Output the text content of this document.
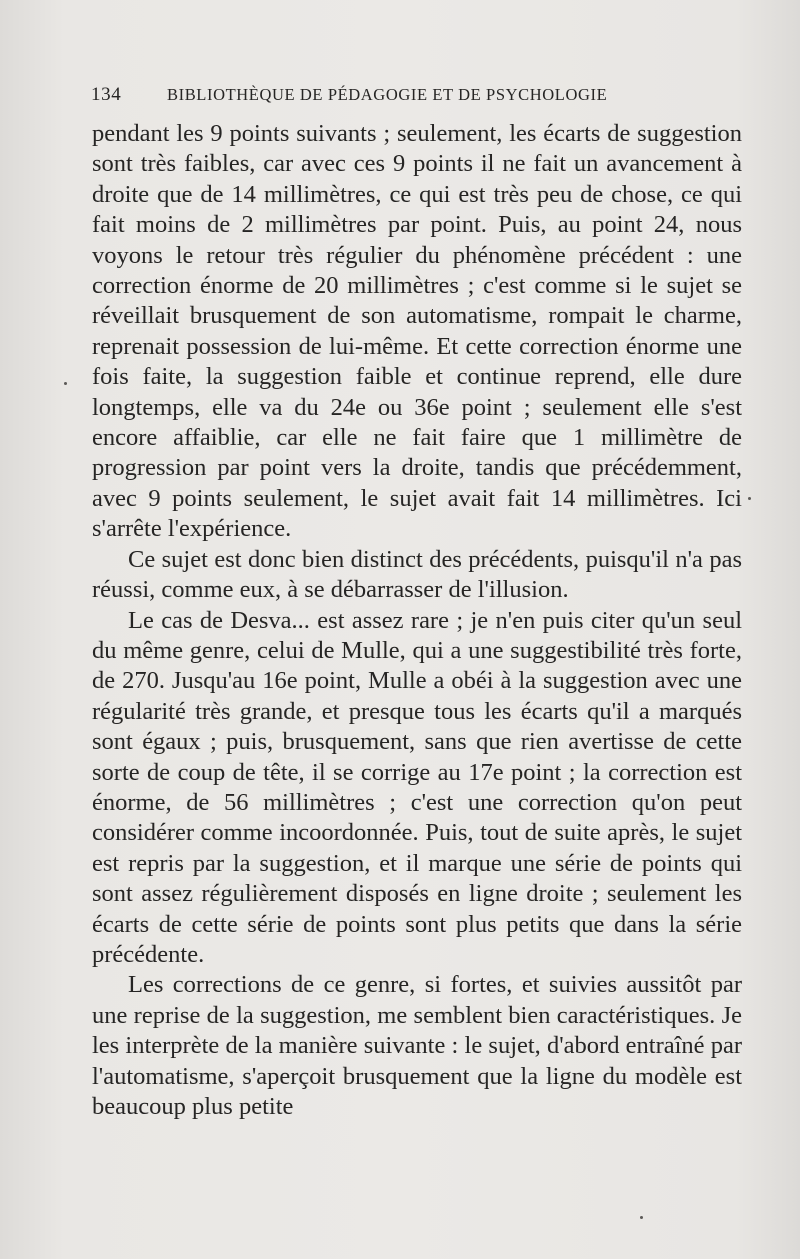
134	BIBLIOTHÈQUE DE PÉDAGOGIE ET DE PSYCHOLOGIE

pendant les 9 points suivants ; seulement, les écarts de suggestion sont très faibles, car avec ces 9 points il ne fait un avancement à droite que de 14 millimètres, ce qui est très peu de chose, ce qui fait moins de 2 millimètres par point. Puis, au point 24, nous voyons le retour très régulier du phénomène précédent : une correction énorme de 20 millimètres ; c'est comme si le sujet se réveillait brusquement de son automatisme, rompait le charme, reprenait possession de lui-même. Et cette correction énorme une fois faite, la suggestion faible et continue reprend, elle dure longtemps, elle va du 24e ou 36e point ; seulement elle s'est encore affaiblie, car elle ne fait faire que 1 millimètre de progression par point vers la droite, tandis que précédemment, avec 9 points seulement, le sujet avait fait 14 millimètres. Ici s'arrête l'expérience.

Ce sujet est donc bien distinct des précédents, puisqu'il n'a pas réussi, comme eux, à se débarrasser de l'illusion.

Le cas de Desva... est assez rare ; je n'en puis citer qu'un seul du même genre, celui de Mulle, qui a une suggestibilité très forte, de 270. Jusqu'au 16e point, Mulle a obéi à la suggestion avec une régularité très grande, et presque tous les écarts qu'il a marqués sont égaux ; puis, brusquement, sans que rien avertisse de cette sorte de coup de tête, il se corrige au 17e point ; la correction est énorme, de 56 millimètres ; c'est une correction qu'on peut considérer comme incoordonnée. Puis, tout de suite après, le sujet est repris par la suggestion, et il marque une série de points qui sont assez régulièrement disposés en ligne droite ; seulement les écarts de cette série de points sont plus petits que dans la série précédente.

Les corrections de ce genre, si fortes, et suivies aussitôt par une reprise de la suggestion, me semblent bien caractéristiques. Je les interprète de la manière suivante : le sujet, d'abord entraîné par l'automatisme, s'aperçoit brusquement que la ligne du modèle est beaucoup plus petite
